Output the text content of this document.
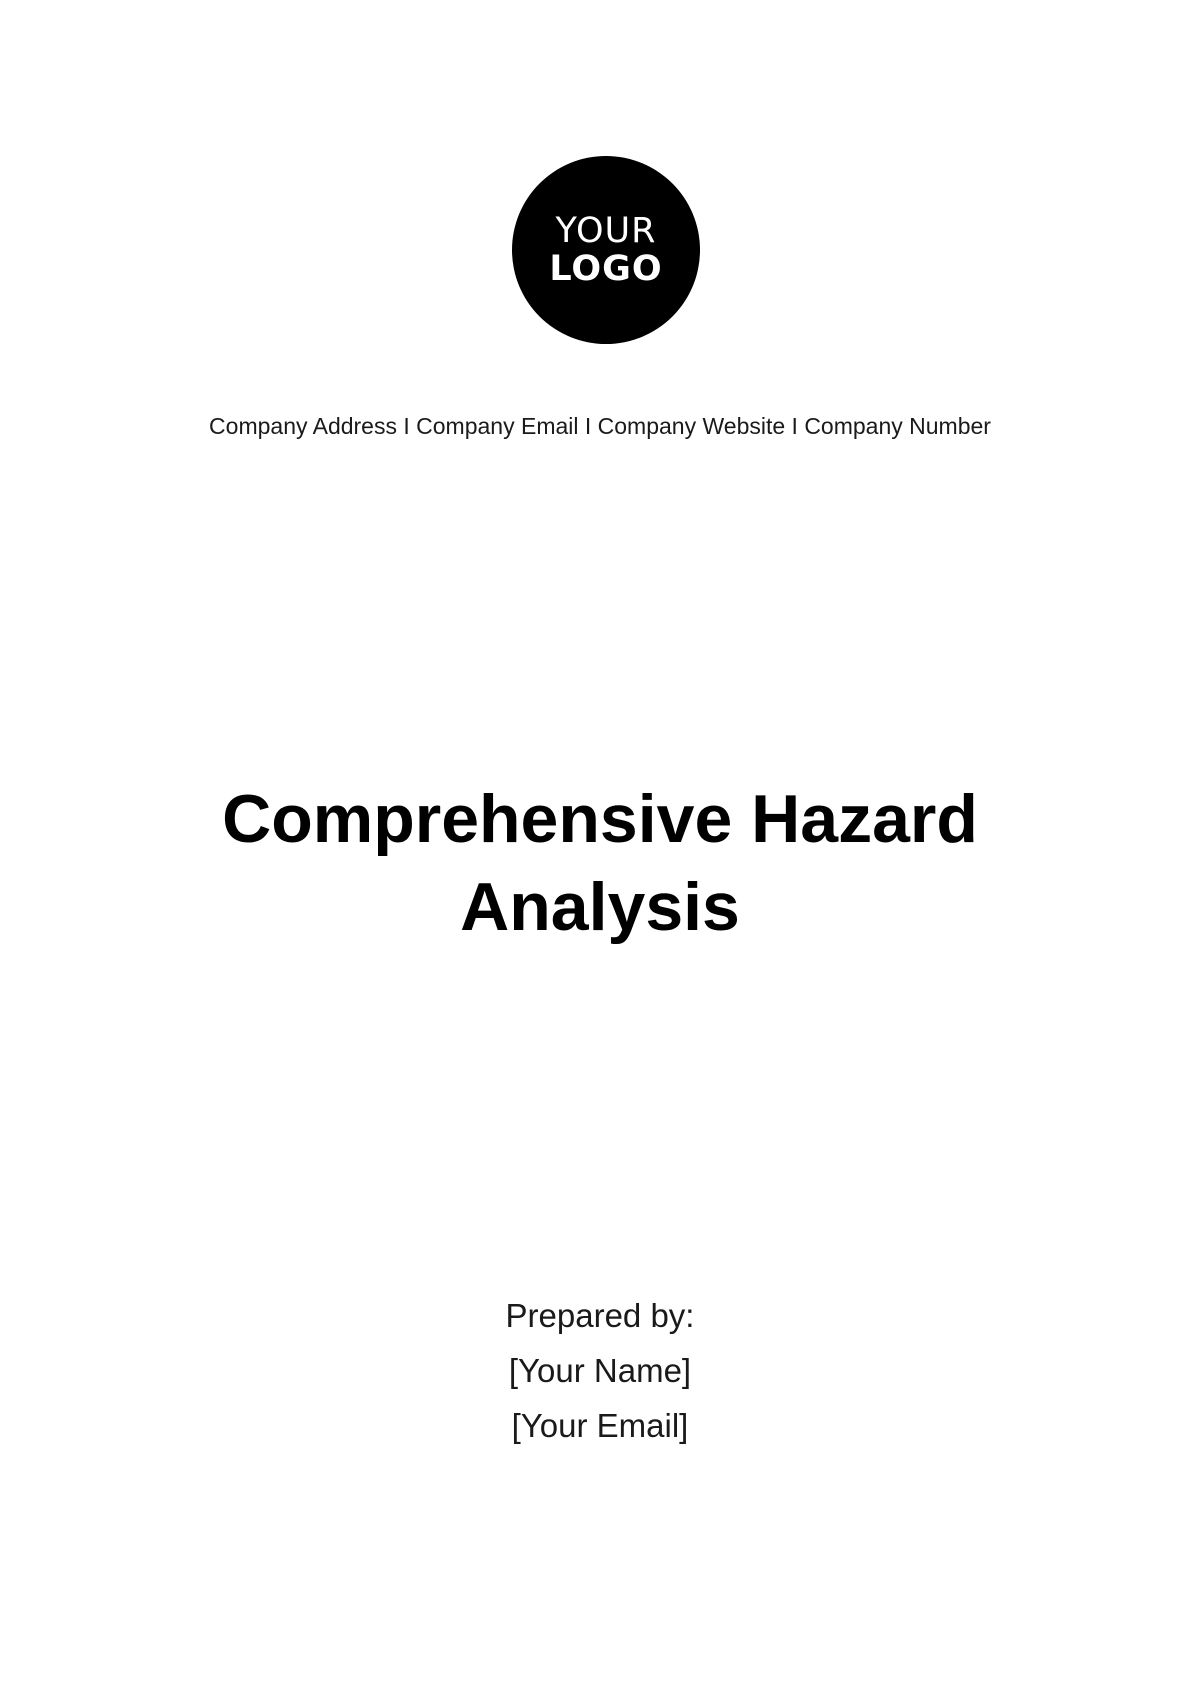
YOUR
LOGO
Company Address I Company Email I Company Website I Company Number
Comprehensive Hazard
Analysis
Prepared by:
[Your Name]
[Your Email]
